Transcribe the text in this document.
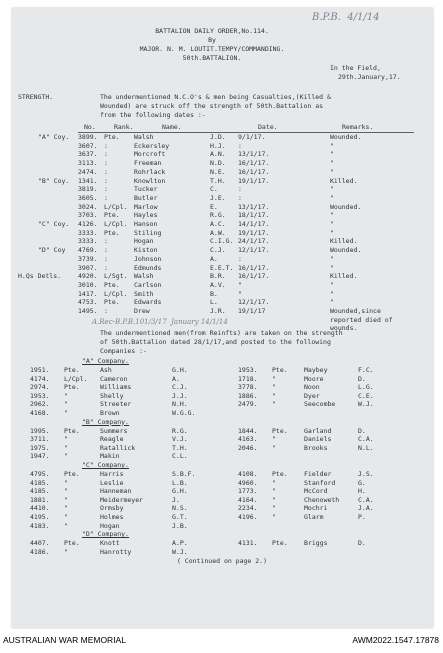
B.P.B.  4/1/14
BATTALION DAILY ORDER,No.114.
By
MAJOR. N. M. LOUTIT.TEMPY/COMMANDING.
50th.BATTALION.
In the Field,
29th.January,17.
STRENGTH.	The undermentioned N.C.O's & men being Casualties,(Killed &
Wounded) are struck off the strength of 50th.Battalion as
from the following dates :-
No.	Rank.	Name.	Date.	Remarks.
"A" Coy. 3899. Pte. Walsh	J.D. 9/1/17.	Wounded.
3607. :	Eckersley	H.J. :	"
3637. :	Morcroft	A.N. 13/1/17.	"
3113. :	Freeman	N.D. 16/1/17.	"
2474. :	Rohrlack	N.E. 16/1/17.	"
"B" Coy. 1341. :	Knowlton	T.H. 19/1/17.	Killed.
3819. :	Tucker	C.	:	"
3605. :	Butler	J.E. :	"
3024. L/Cpl. Marlow	E.	13/1/17.	Wounded.
3703. Pte. Hayles	R.G. 18/1/17.	"
"C" Coy. 4126. L/Cpl. Hanson	A.C. 14/1/17.	"
3333. Pte. Stiling	A.W. 19/1/17.	"
3333. :	Hogan	C.I.G. 24/1/17.	Killed.
"D" Coy 4769. :	Kiston	C.J. 12/1/17.	Wounded.
3739. :	Johnson	A.	:	"
3907. :	Edmunds	E.E.T. 16/1/17.	"
H.Qs Detls.	4920. L/Sgt. Walsh	B.R. 16/1/17.	Killed.
3010. Pte. Carlson	A.V. "	"
1417. L/Cpl. Smith	B.	"	"
4753. Pte. Edwards	L.	12/1/17.	"
1495. :	Drew	J.R. 19/1/17	Wounded,since
reported died of
wounds.
A.Rec-B.P.B.101/3/17  January 14/1/14
The undermentioned men(from Reinfts) are taken on the strength
of 50th.Battalion dated 28/1/17,and posted to the following
Companies :-
"A" Company.
1951. Pte.	Ash	G.H.	1953. Pte.	Maybey	F.C.
4174. L/Cpl. Cameron	A.	1718. "	Moore	D.
2974. Pte.	Williams	C.J.	3778. "	Noon	L.G.
1953. "	Shelly	J.J.	1886. "	Dyer	C.E.
2962. "	Streeter	N.H.	2479. "	Seecombe	W.J.
4168. "	Brown	W.G.G.
"B" Company.
1995. Pte.	Summers	R.G.	1844. Pte.	Garland	D.
3711. "	Reagle	V.J.	4163. "	Daniels	C.A.
1975. "	Ratallick	T.H.	2046. "	Brooks	N.L.
1947. "	Makin	C.L.
"C" Company.
4795. Pte.	Harris	S.B.F.	4108. Pte.	Fielder	J.S.
4185. "	Leslie	L.B.	4960. "	Stanford	G.
4185. "	Hanneman	G.H.	1773. "	McCord	H.
1881. "	Meidermeyer	J.	4164. "	Chenoweth	C.A.
4410. "	Ormsby	N.S.	2234. "	Mochri	J.A.
4195. "	Holmes	G.T.	4196. "	Glarm	P.
4183. "	Hogan	J.B.
"D" Company.
4407. Pte.	Knott	A.P.	4131. Pte.	Briggs	D.
4186. "	Hanrotty	W.J.
( Continued on page 2.)
AUSTRALIAN WAR MEMORIAL	AWM2022.1547.17878
